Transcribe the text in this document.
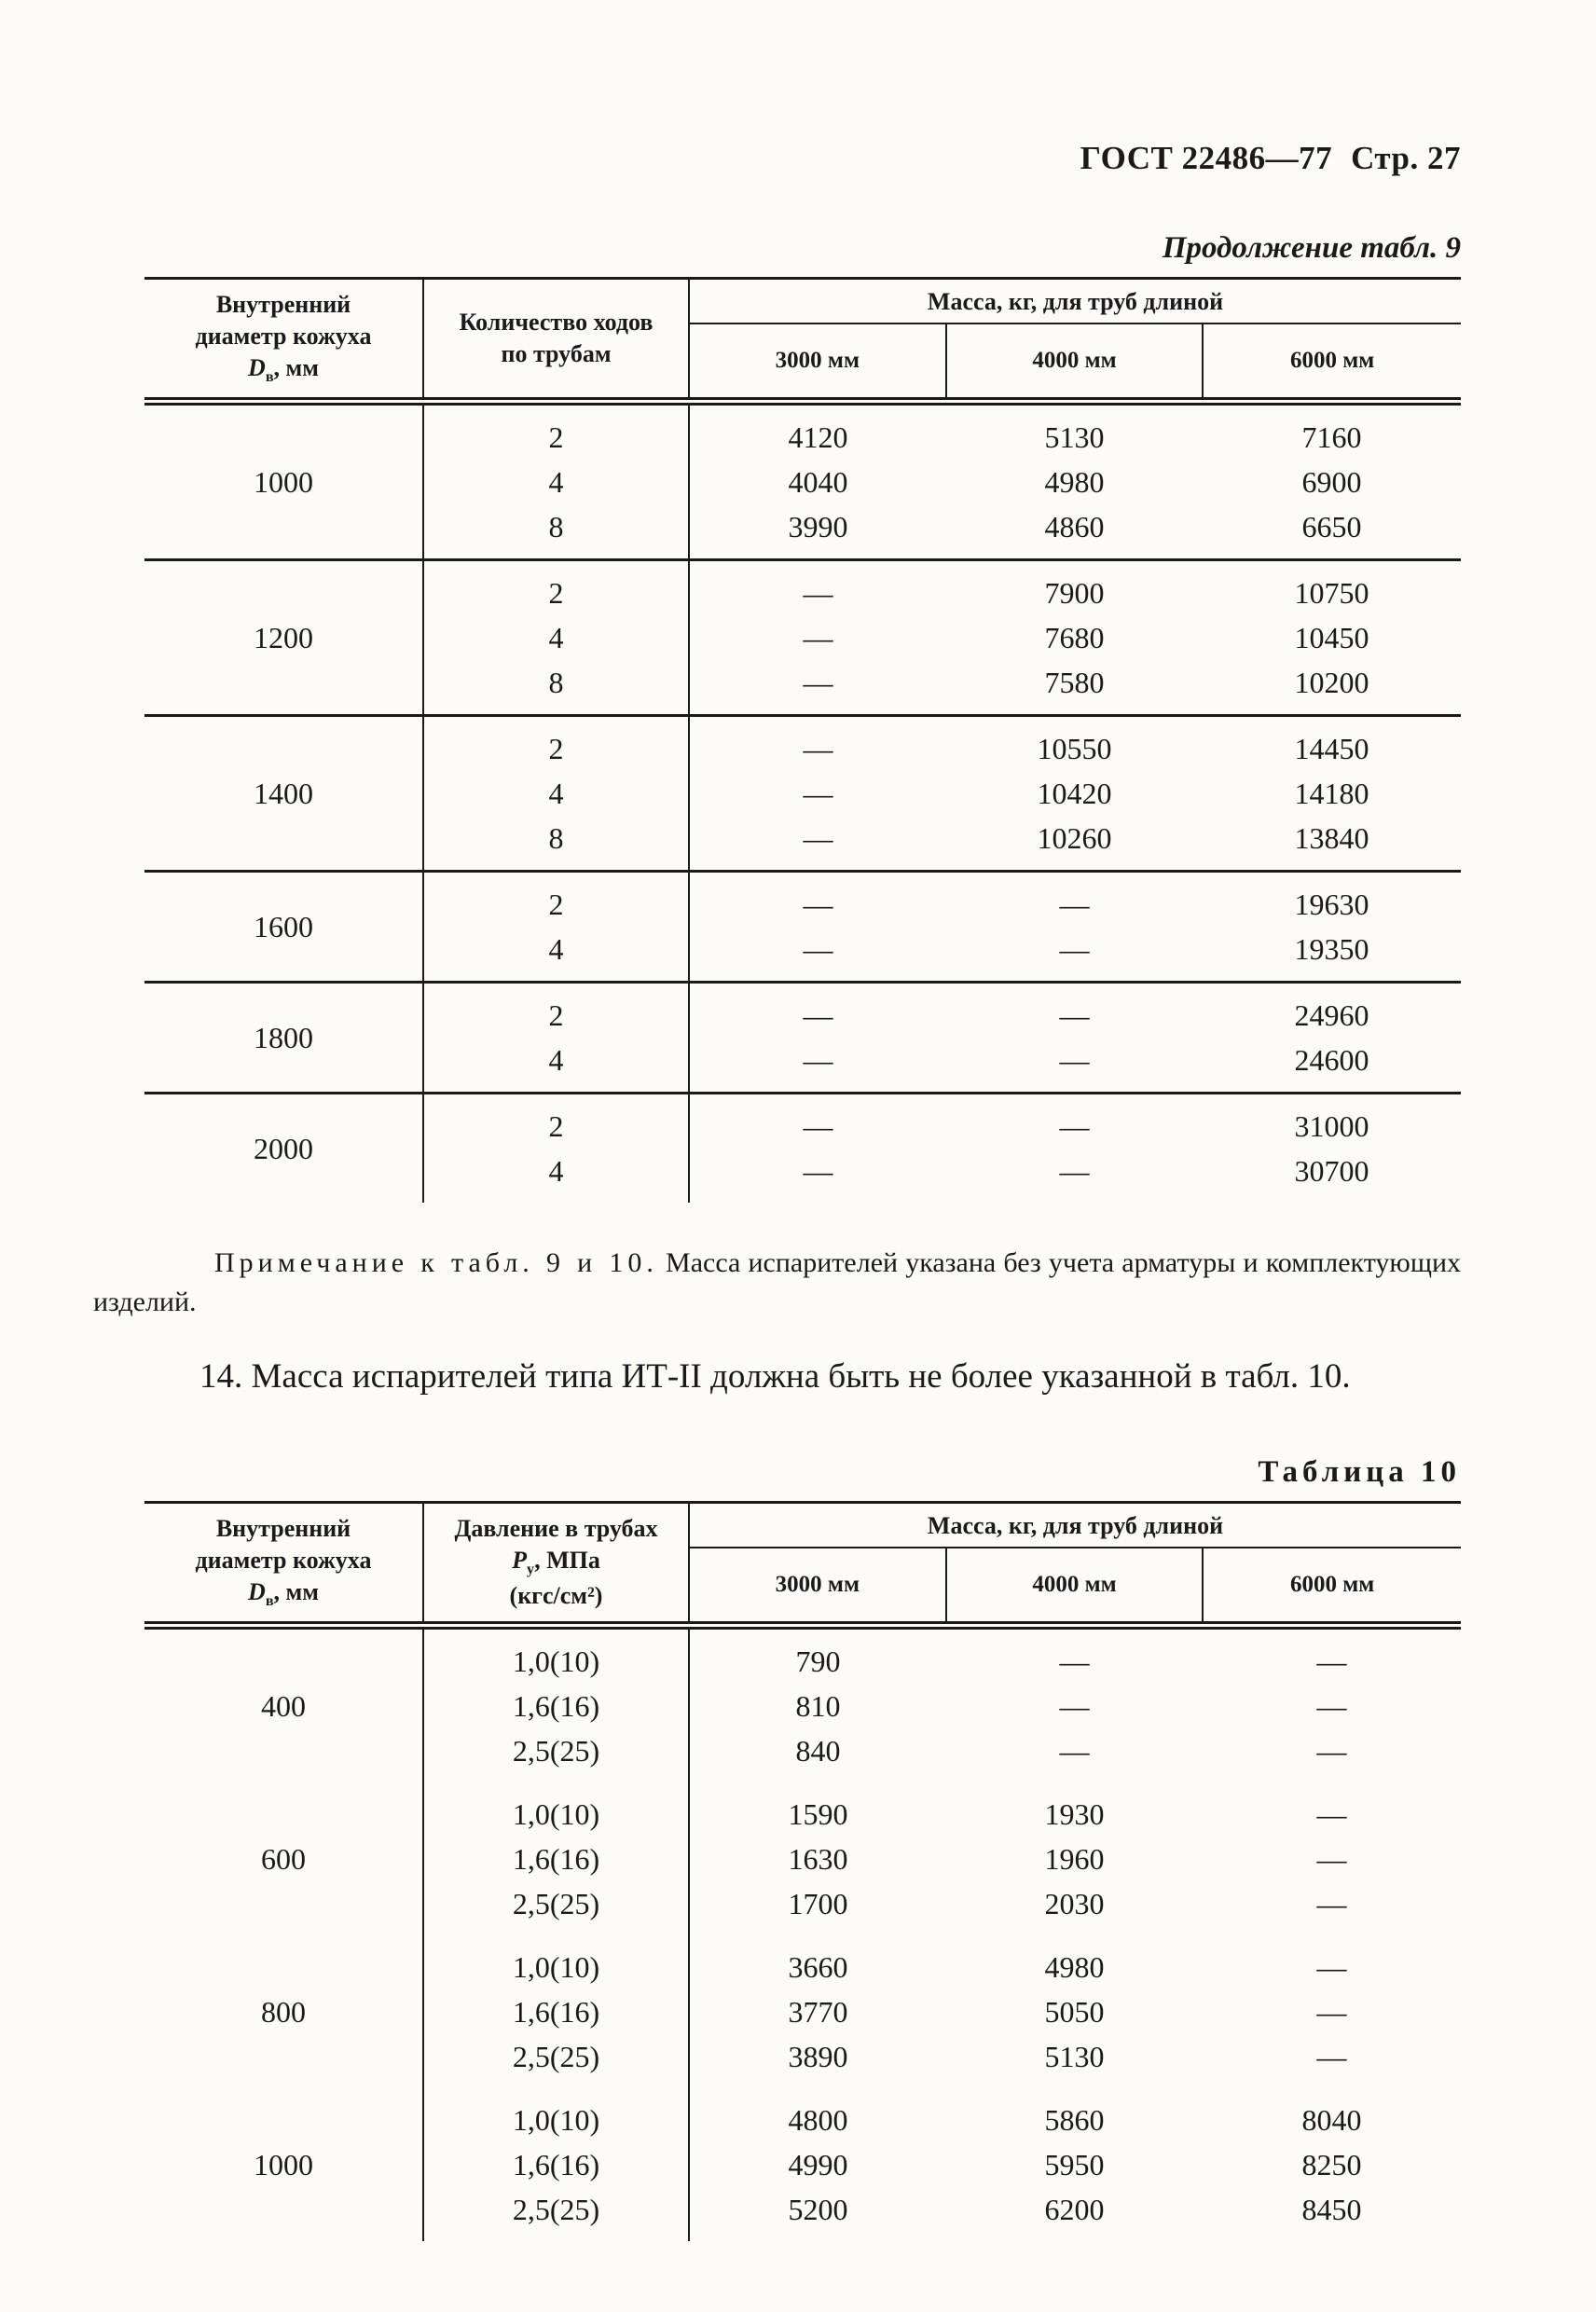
ГОСТ 22486—77 Стр. 27
Продолжение табл. 9
Внутренний
диаметр кожуха
$D_в$, мм
Количество ходов
по трубам
Масса, кг, для труб длиной
3000 мм	4000 мм	6000 мм
1000
2	4120	5130	7160
4	4040	4980	6900
8	3990	4860	6650
1200
2	—	7900	10750
4	—	7680	10450
8	—	7580	10200
1400
2	—	10550	14450
4	—	10420	14180
8	—	10260	13840
1600
2	—	—	19630
4	—	—	19350
1800
2	—	—	24960
4	—	—	24600
2000
2	—	—	31000
4	—	—	30700

Примечание к табл. 9 и 10. Масса испарителей указана без учета арматуры и комплектующих изделий.

14. Масса испарителей типа ИТ-II должна быть не более указанной в табл. 10.

Таблица 10
Внутренний
диаметр кожуха
$D_в$, мм
Давление в трубах
$P_у$, МПа
(кгс/см²)
Масса, кг, для труб длиной
3000 мм	4000 мм	6000 мм
400
1,0(10)	790	—	—
1,6(16)	810	—	—
2,5(25)	840	—	—
600
1,0(10)	1590	1930	—
1,6(16)	1630	1960	—
2,5(25)	1700	2030	—
800
1,0(10)	3660	4980	—
1,6(16)	3770	5050	—
2,5(25)	3890	5130	—
1000
1,0(10)	4800	5860	8040
1,6(16)	4990	5950	8250
2,5(25)	5200	6200	8450
